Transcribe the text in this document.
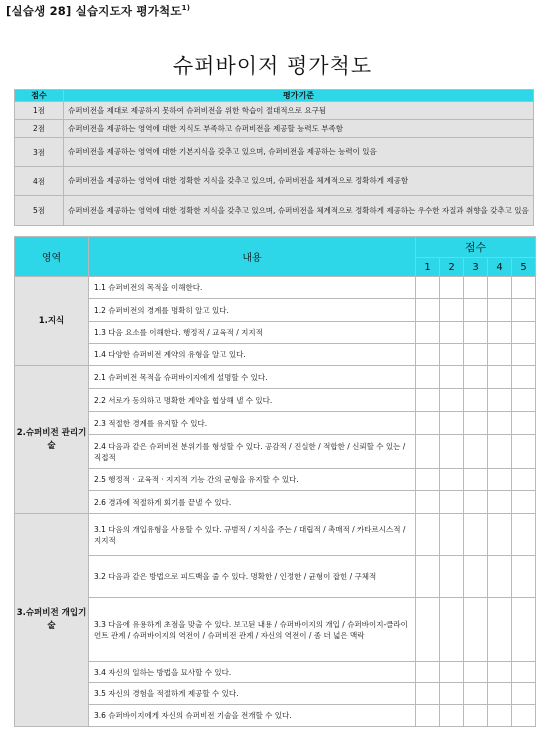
[실습생 28] 실습지도자 평가척도$^{1)}$
슈퍼바이저 평가척도
점수	평가기준
1점	슈퍼비전을 제대로 제공하지 못하여 슈퍼비전을 위한 학습이 절대적으로 요구됨
2점	슈퍼비전을 제공하는 영역에 대한 지식도 부족하고 슈퍼비전을 제공할 능력도 부족함
3점	슈퍼비전을 제공하는 영역에 대한 기본지식을 갖추고 있으며, 슈퍼비전을 제공하는 능력이 있음
4점	슈퍼비전을 제공하는 영역에 대한 정확한 지식을 갖추고 있으며, 슈퍼비전을 체계적으로 정확하게 제공함
5점	슈퍼비전을 제공하는 영역에 대한 정확한 지식을 갖추고 있으며, 슈퍼비전을 체계적으로 정확하게 제공하는 우수한 자질과 취향을 갖추고 있음
영역	내용	점수				
		1	2	3	4	5
1.지식	1.1 슈퍼비전의 목적을 이해한다.					
	1.2 슈퍼비전의 경계를 명확히 알고 있다.					
	1.3 다음 요소를 이해한다. 행정적 / 교육적 / 지지적					
	1.4 다양한 슈퍼비전 계약의 유형을 알고 있다.					
2.슈퍼비전 관리기술	2.1 슈퍼비전 목적을 슈퍼바이지에게 설명할 수 있다.					
	2.2 서로가 동의하고 명확한 계약을 협상해 낼 수 있다.					
	2.3 적절한 경계를 유지할 수 있다.					
	2.4 다음과 같은 슈퍼비전 분위기를 형성할 수 있다. 공감적 / 진실한 / 적합한 / 신뢰할 수 있는 / 직접적					
	2.5 행정적 · 교육적 · 지지적 기능 간의 균형을 유지할 수 있다.					
	2.6 경과에 적절하게 회기를 끝낼 수 있다.					
3.슈퍼비전 개입기술	3.1 다음의 개입유형을 사용할 수 있다. 규범적 / 지식을 주는 / 대립적 / 촉매적 / 카타르시스적 / 지지적					
	3.2 다음과 같은 방법으로 피드백을 줄 수 있다. 명확한 / 인정한 / 균형이 잡힌 / 구체적					
	3.3 다음에 유용하게 초점을 맞출 수 있다. 보고된 내용 / 슈퍼바이지의 개입 / 슈퍼바이지-클라이언트 관계 / 슈퍼바이지의 역전이 / 슈퍼비전 관계 / 자신의 역전이 / 좀 더 넓은 맥락					
	3.4 자신의 일하는 방법을 묘사할 수 있다.					
	3.5 자신의 경험을 적절하게 제공할 수 있다.					
	3.6 슈퍼바이지에게 자신의 슈퍼비전 기술을 전개할 수 있다.					
